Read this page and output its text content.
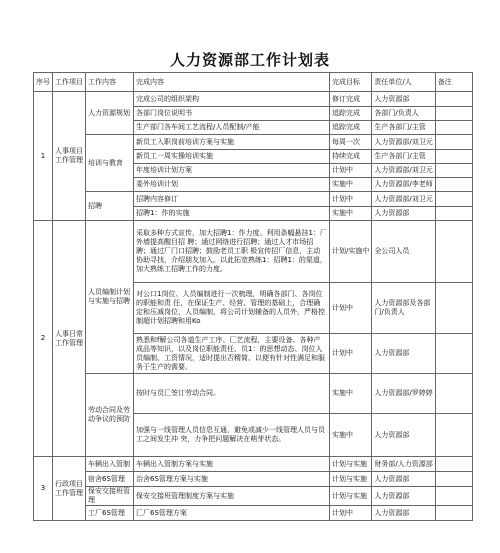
人力资源部工作计划表
序号	工作项目	工作内容	完成内容	完成目标	责任单位/人	备注
1	人事项目工作管理	人力资源规划	完成公司的组织架构	修订完成	人力资源部	
			各部门岗位说明书	追踪完成	各部门/负责人	
			生产部门各车间工艺流程/人员配制/产能	追踪完成	生产各部门/主管	
		培训与教育	新员工入职岗前培训方案与实施	每周一次	人力资源部/刘卫元	
			新员工一周实操培训实施	持续完成	生产各部门/主管	
			年度培训计划方案	计划中	人力资源部/刘卫元	
			委外培训计划	实施中	人力资源部/李老师	
		招聘	招聘内容修订	计划中	人力资源部/刘卫元	
			招聘1：作的实施	实施中	人力资源部	
2	人事日常工作管理	人员编制计划与实施与招聘	采取多种方式宣传，加大招聘1：作力度。利用条幅悬挂1：厂外墙提高醒目招 聘；通过网络进行招聘；通过人才市场招聘；通过厂门口招聘；鼓励老员工职 极宣传招厂信息，主动协助寻找，介绍朋友加入。以此拓宽熟练1：招聘1：的渠道，加大熟练工招聘工作的力度。	计划/实施中	全公司人员	
			对公口1岗位、人员编制进行一次梳理，明确各部门、各岗位的职能和责 任，在保证生产、经营、管理的基础上，合理确定和压减岗位，人员编制，将公司计划辅备的人员外，严格控制超计划招聘和用Ko	计划中	人力资源部及各部门/负责人	
			熟悉和f解公司各道生产工序、匚艺流程，主要设备、各种产成品等知识，以及岗位职能责任、员1：的思想动态、岗位人员编制、工资情况，适时提出否精简、以便有针对性满足和服务于生产的需要。	计划中	人力资源部	
		劳动合同及劳动争议的预防	按时与员匚签订劳动合同。	实施中	人力资源部/罗婷婷	
			加强与一线管理人员信息互通，避免或减少一线管理人员与员工之间发生冲 突，力争把问题解决在萌芽状态。	实施中	人力资源部	
3	行政项目工作管理	车辆出入管制	车辆出入管制方案与实施	计划与实施	财务部/人力资源部	
		宿舍6S管理	治舍6S管理方案与实施	计划与实施	人力资源部	
		保安交接班管理	保安交接班管理制度方案与实施	计划与实施	人力资源部	
		工厂6S管理	匚厂6S管理方案	计划中	人力资源部	
